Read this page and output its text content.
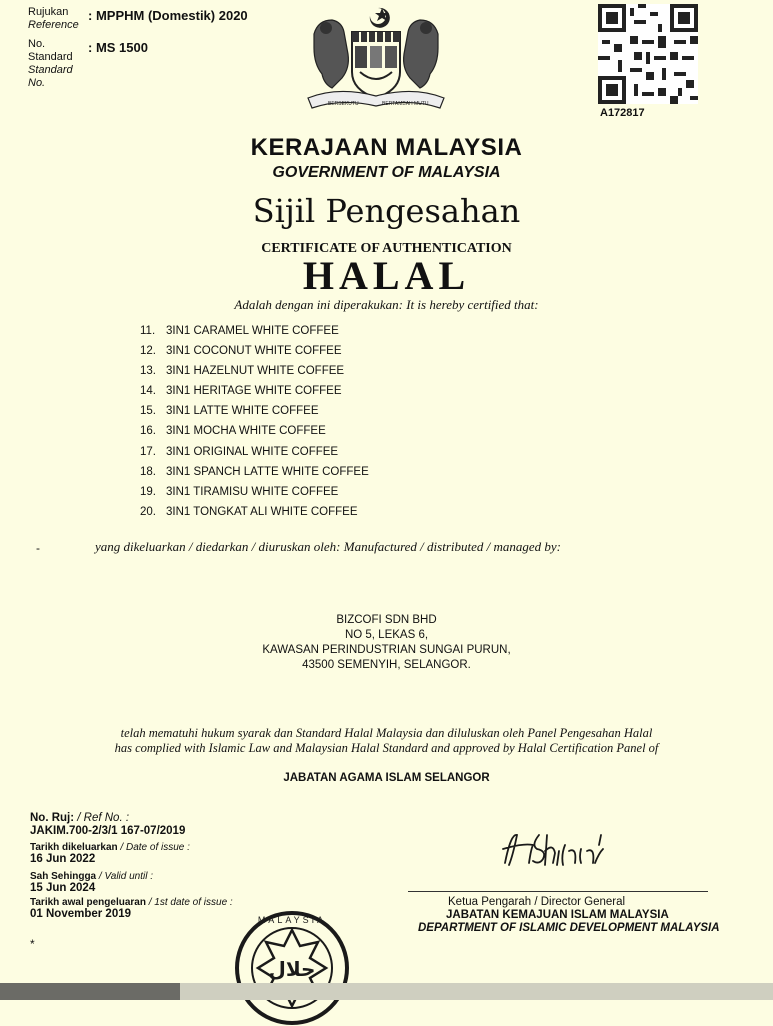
Rujukan
Reference
: MPPHM (Domestik) 2020
No.
Standard
Standard
No.
: MS 1500
BERSEKUTU	BERTAMBAH MUTU
A172817
KERAJAAN MALAYSIA
GOVERNMENT OF MALAYSIA
Sijil Pengesahan
CERTIFICATE OF AUTHENTICATION
HALAL
Adalah dengan ini diperakukan: It is hereby certified that:
11. 3IN1 CARAMEL WHITE COFFEE
12. 3IN1 COCONUT WHITE COFFEE
13. 3IN1 HAZELNUT WHITE COFFEE
14. 3IN1 HERITAGE WHITE COFFEE
15. 3IN1 LATTE WHITE COFFEE
16. 3IN1 MOCHA WHITE COFFEE
17. 3IN1 ORIGINAL WHITE COFFEE
18. 3IN1 SPANCH LATTE WHITE COFFEE
19. 3IN1 TIRAMISU WHITE COFFEE
20. 3IN1 TONGKAT ALI WHITE COFFEE
-	yang dikeluarkan / diedarkan / diuruskan oleh: Manufactured / distributed / managed by:
BIZCOFI SDN BHD
NO 5, LEKAS 6,
KAWASAN PERINDUSTRIAN SUNGAI PURUN,
43500 SEMENYIH, SELANGOR.
telah mematuhi hukum syarak dan Standard Halal Malaysia dan diluluskan oleh Panel Pengesahan Halal
has complied with Islamic Law and Malaysian Halal Standard and approved by Halal Certification Panel of
JABATAN AGAMA ISLAM SELANGOR
No. Ruj: / Ref No. :
JAKIM.700-2/3/1 167-07/2019
Tarikh dikeluarkan / Date of issue :
16 Jun 2022
Sah Sehingga / Valid until :
15 Jun 2024
Tarikh awal pengeluaran / 1st date of issue :
01 November 2019
*
Ketua Pengarah / Director General
JABATAN KEMAJUAN ISLAM MALAYSIA
DEPARTMENT OF ISLAMIC DEVELOPMENT MALAYSIA
MALAYSIA
حلال
